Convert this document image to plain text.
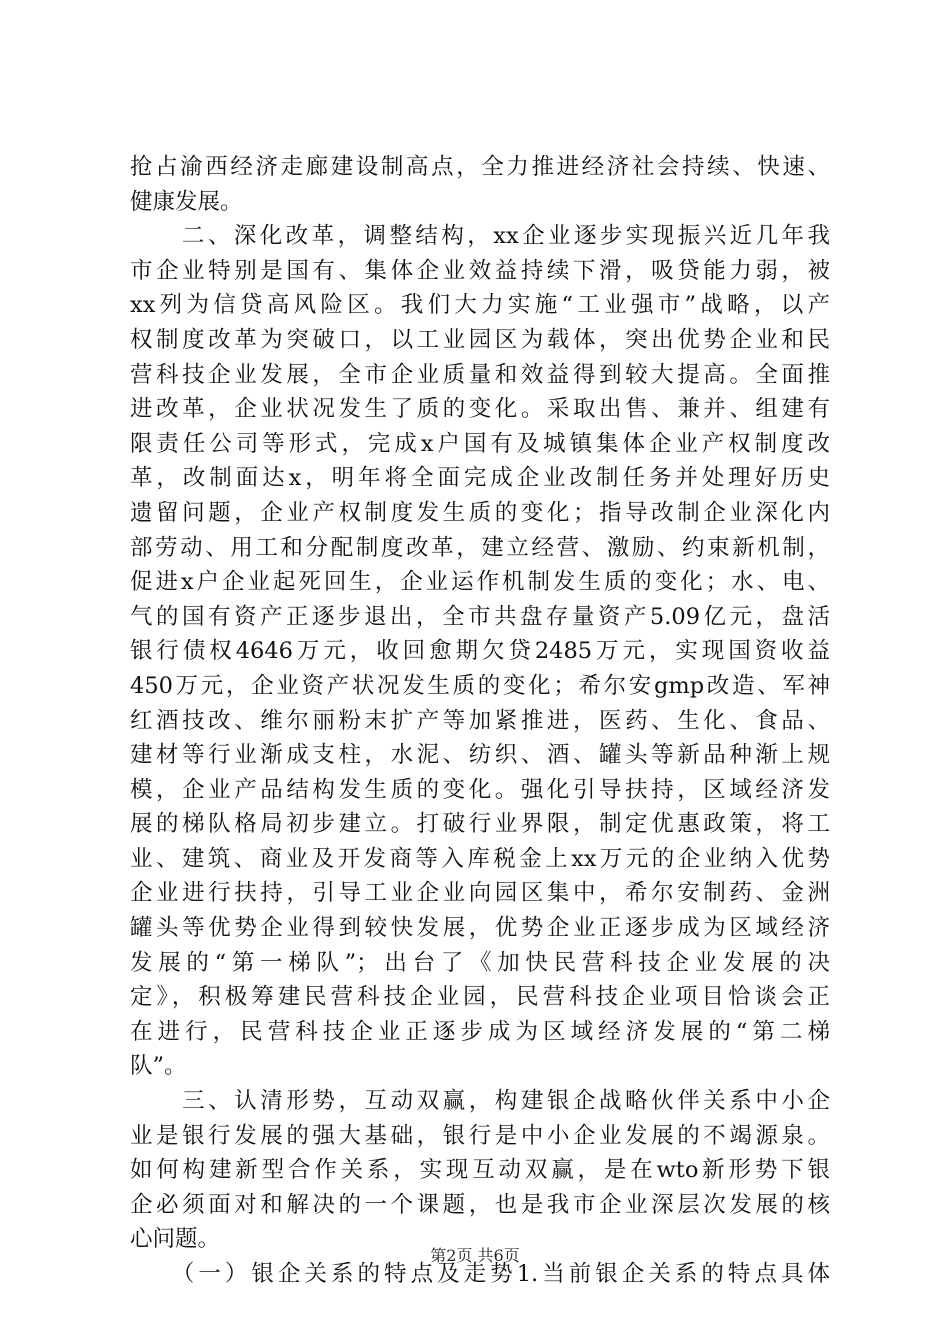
抢占渝西经济走廊建设制高点，全力推进经济社会持续、快速、
健康发展。
　　二、深化改革，调整结构，xx企业逐步实现振兴近几年我
市企业特别是国有、集体企业效益持续下滑，吸贷能力弱，被
xx列为信贷高风险区。我们大力实施“工业强市”战略，以产
权制度改革为突破口，以工业园区为载体，突出优势企业和民
营科技企业发展，全市企业质量和效益得到较大提高。全面推
进改革，企业状况发生了质的变化。采取出售、兼并、组建有
限责任公司等形式，完成x户国有及城镇集体企业产权制度改
革，改制面达x，明年将全面完成企业改制任务并处理好历史
遗留问题，企业产权制度发生质的变化；指导改制企业深化内
部劳动、用工和分配制度改革，建立经营、激励、约束新机制，
促进x户企业起死回生，企业运作机制发生质的变化；水、电、
气的国有资产正逐步退出，全市共盘存量资产5.09亿元，盘活
银行债权4646万元，收回愈期欠贷2485万元，实现国资收益
450万元，企业资产状况发生质的变化；希尔安gmp改造、军神
红酒技改、维尔丽粉末扩产等加紧推进，医药、生化、食品、
建材等行业渐成支柱，水泥、纺织、酒、罐头等新品种渐上规
模，企业产品结构发生质的变化。强化引导扶持，区域经济发
展的梯队格局初步建立。打破行业界限，制定优惠政策，将工
业、建筑、商业及开发商等入库税金上xx万元的企业纳入优势
企业进行扶持，引导工业企业向园区集中，希尔安制药、金洲
罐头等优势企业得到较快发展，优势企业正逐步成为区域经济
发展的“第一梯队”；出台了《加快民营科技企业发展的决
定》，积极筹建民营科技企业园，民营科技企业项目恰谈会正
在进行，民营科技企业正逐步成为区域经济发展的“第二梯
队”。
　　三、认清形势，互动双赢，构建银企战略伙伴关系中小企
业是银行发展的强大基础，银行是中小企业发展的不竭源泉。
如何构建新型合作关系，实现互动双赢，是在wto新形势下银
企必须面对和解决的一个课题，也是我市企业深层次发展的核
心问题。
　　（一）银企关系的特点及走势1.当前银企关系的特点具体
第2页 共6页
